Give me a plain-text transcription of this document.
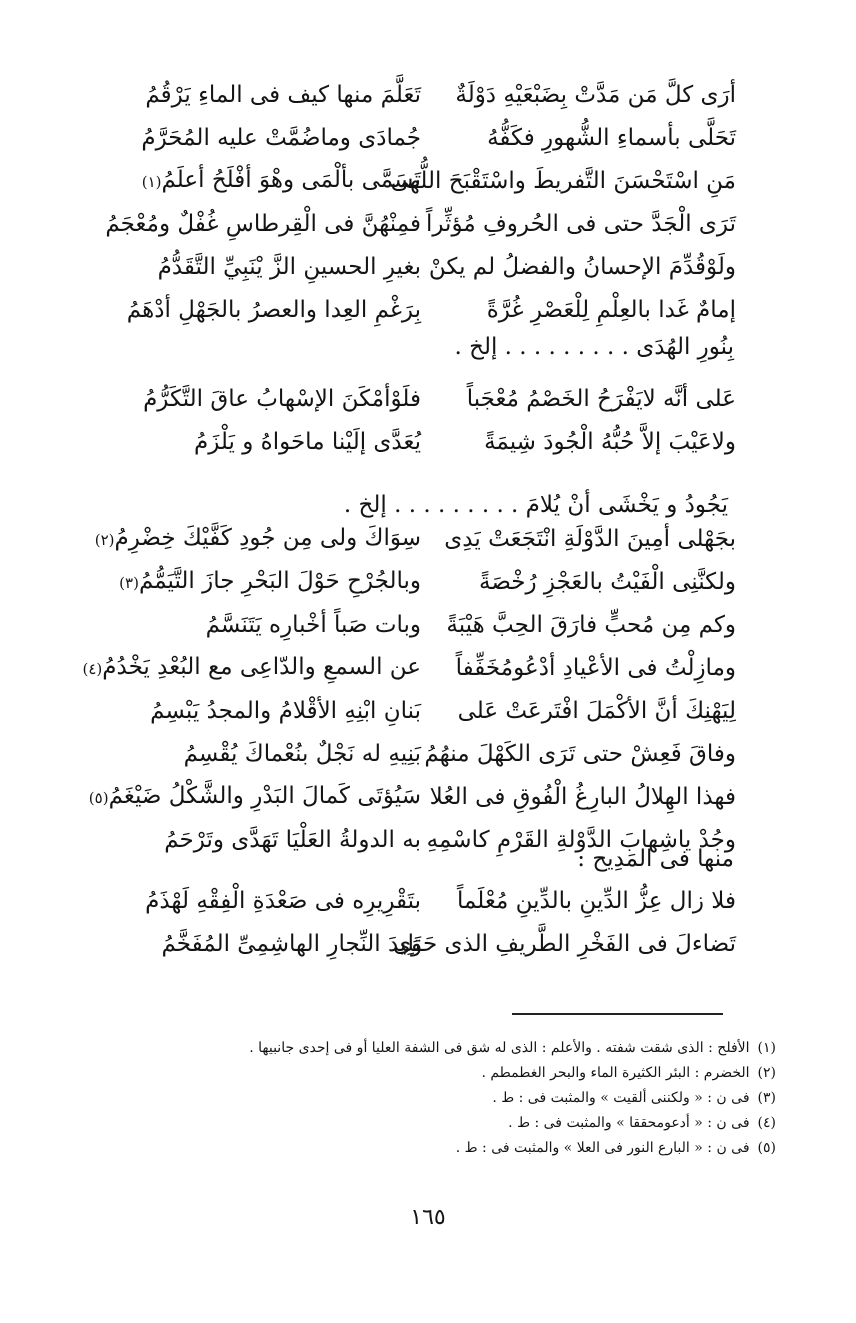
أرَى كلَّ مَن مَدَّتْ بِضَبْعَيْهِ دَوْلَةٌ
تَعَلَّمَ منها كيف فى الماءِ يَرْقُمُ
تَحَلَّى بأسماءِ الشُّهورِ فكَفُّهُ
جُمادَى وماضُمَّتْ عليه المُحَرَّمُ
مَنِ اسْتَحْسَنَ التَّفريطَ واسْتَقْبَحَ اللُّهى
تَسَمَّى بألْمَى وهْوَ أفْلَحُ أعلَمُ(١)
تَرَى الْجَدَّ حتى فى الحُروفِ مُؤثِّراً
فمِنْهُنَّ فى الْقِرطاسِ غُفْلٌ ومُعْجَمُ
ولَوْقُدِّمَ الإحسانُ والفضلُ لم يكنْ
بغيرِ الحسينِ الزَّ يْنَبِيِّ التَّقَدُّمُ
إمامٌ غَدا بالعِلْمِ لِلْعَصْرِ غُرَّةً
بِرَغْمِ العِدا والعصرُ بالجَهْلِ أدْهَمُ
بِنُورِ الهُدَى . . . . . . . . . إلخ .
عَلى أنَّه لايَفْرَحُ الخَصْمُ مُعْجَباً
فلَوْأمْكَنَ الإسْهابُ عاقَ التَّكَرُّمُ
ولاعَيْبَ إلاَّ حُبُّهُ الْجُودَ شِيمَةً
يُعَدَّى إلَيْنا ماحَواهُ و يَلْزَمُ
يَجُودُ و يَخْشَى أنْ يُلامَ . . . . . . . . . إلخ .
بجَهْلى أمِينَ الدَّوْلَةِ انْتَجَعَتْ يَدِى
سِوَاكَ ولى مِن جُودِ كَفَّيْكَ خِضْرِمُ(٢)
ولكنَّنِى الْفَيْتُ بالعَجْزِ رُخْصَةً
وبالجُرْحِ حَوْلَ البَحْرِ جازَ التَّيَمُّمُ(٣)
وكم مِن مُحبٍّ فارَقَ الحِبَّ هَيْبَةً
وبات صَباً أخْبارِه يَتَنَسَّمُ
ومازِلْتُ فى الأعْيادِ أدْعُومُخَفِّفاً
عن السمعِ والدّاعِى مع البُعْدِ يَخْدُمُ(٤)
لِيَهْنِكَ أنَّ الأكْمَلَ افْتَرعَتْ عَلى
بَنانِ ابْنِهِ الأقْلامُ والمجدُ يَبْسِمُ
وفاقَ فَعِشْ حتى تَرَى الكَهْلَ منهُمُ
بَنِيهِ له نَجْلٌ بنُعْماكَ يُقْسِمُ
فهذا الهِلالُ البارِغُ الْفُوقِ فى العُلا
سَيُؤتَى كَمالَ البَدْرِ والشَّكْلُ ضَيْغَمُ(٥)
وجُدْ ياشِهابَ الدَّوْلةِ القَرْمِ كاسْمِهِ
به الدولةُ العَلْيَا تَهَدَّى وتَرْحَمُ
منها فى المَدِيح :
فلا زال عِزُّ الدِّينِ بالدِّينِ مُعْلَماً
بتَقْرِيرِه فى صَعْدَةِ الْفِقْهِ لَهْذَمُ
تَضاءلَ فى الفَخْرِ الطَّريفِ الذى حَوَى
تَلِيدَ النِّجارِ الهاشِمِىِّ المُفَخَّمُ
(١)الأفلح : الذى شقت شفته . والأعلم : الذى له شق فى الشفة العليا أو فى إحدى جانبيها .
(٢)الخضرم : البئر الكثيرة الماء والبحر الغطمطم .
(٣)فى ن : « ولكننى ألقيت » والمثبت فى : ط .
(٤)فى ن : « أدعومحققا » والمثبت فى : ط .
(٥)فى ن : « البارع النور فى العلا » والمثبت فى : ط .
١٦٥
